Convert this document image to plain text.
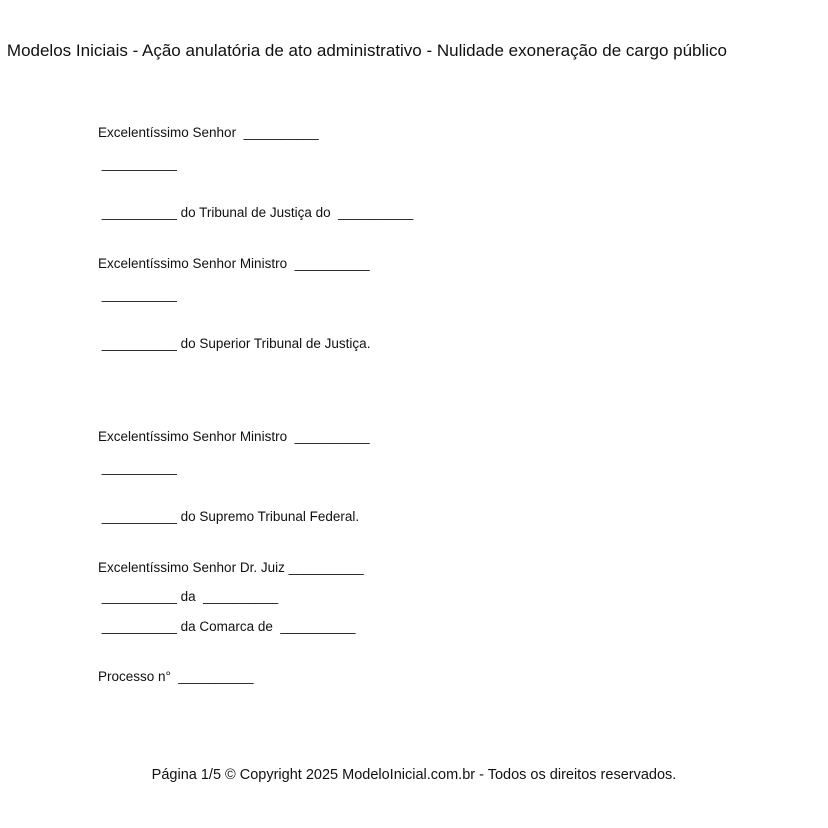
Modelos Iniciais - Ação anulatória de ato administrativo - Nulidade exoneração de cargo público
Excelentíssimo Senhor  __________
__________
__________ do Tribunal de Justiça do  __________
Excelentíssimo Senhor Ministro  __________
__________
__________ do Superior Tribunal de Justiça.
Excelentíssimo Senhor Ministro  __________
__________
__________ do Supremo Tribunal Federal.
Excelentíssimo Senhor Dr. Juiz __________
__________ da  __________
__________ da Comarca de  __________
Processo n°  __________
Página 1/5 © Copyright 2025 ModeloInicial.com.br - Todos os direitos reservados.
